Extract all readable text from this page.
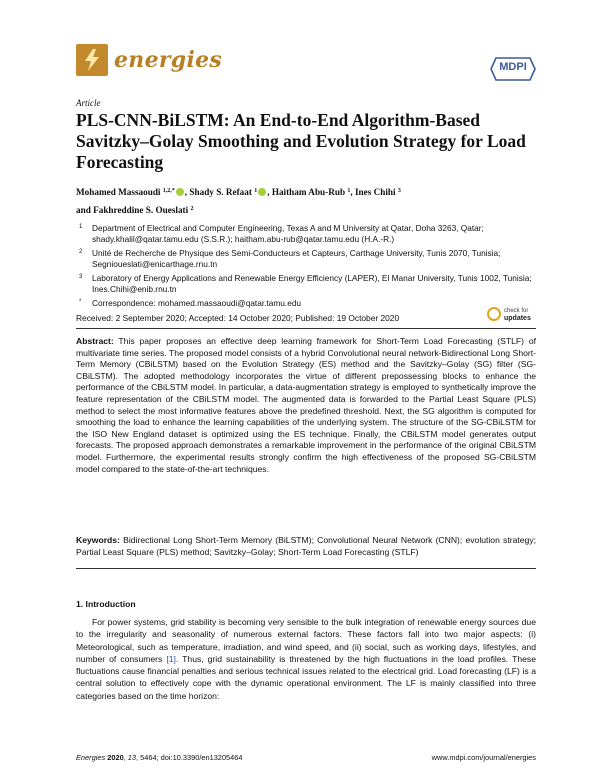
energies	MDPI
Article
PLS-CNN-BiLSTM: An End-to-End Algorithm-Based Savitzky–Golay Smoothing and Evolution Strategy for Load Forecasting
Mohamed Massaoudi $^{1,2,*}$ , Shady S. Refaat $^1$ , Haitham Abu-Rub $^1$, Ines Chihi $^3$
and Fakhreddine S. Oueslati $^2$
1 Department of Electrical and Computer Engineering, Texas A and M University at Qatar, Doha 3263, Qatar; shady.khalil@qatar.tamu.edu (S.S.R.); haitham.abu-rub@qatar.tamu.edu (H.A.-R.)
2 Unité de Recherche de Physique des Semi-Conducteurs et Capteurs, Carthage University, Tunis 2070, Tunisia; Segnioueslati@enicarthage.rnu.tn
3 Laboratory of Energy Applications and Renewable Energy Efficiency (LAPER), El Manar University, Tunis 1002, Tunisia; Ines.Chihi@enib.rnu.tn
* Correspondence: mohamed.massaoudi@qatar.tamu.edu
check for
updates
Received: 2 September 2020; Accepted: 14 October 2020; Published: 19 October 2020
Abstract: This paper proposes an effective deep learning framework for Short-Term Load Forecasting (STLF) of multivariate time series. The proposed model consists of a hybrid Convolutional neural network-Bidirectional Long Short-Term Memory (CBiLSTM) based on the Evolution Strategy (ES) method and the Savitzky–Golay (SG) filter (SG-CBiLSTM). The adopted methodology incorporates the virtue of different prepossessing blocks to enhance the performance of the CBiLSTM model. In particular, a data-augmentation strategy is employed to synthetically improve the feature representation of the CBiLSTM model. The augmented data is forwarded to the Partial Least Square (PLS) method to select the most informative features above the predefined threshold. Next, the SG algorithm is computed for smoothing the load to enhance the learning capabilities of the underlying system. The structure of the SG-CBiLSTM for the ISO New England dataset is optimized using the ES technique. Finally, the CBiLSTM model generates output forecasts. The proposed approach demonstrates a remarkable improvement in the performance of the original CBiLSTM model. Furthermore, the experimental results strongly confirm the high effectiveness of the proposed SG-CBiLSTM model compared to the state-of-the-art techniques.
Keywords: Bidirectional Long Short-Term Memory (BiLSTM); Convolutional Neural Network (CNN); evolution strategy; Partial Least Square (PLS) method; Savitzky–Golay; Short-Term Load Forecasting (STLF)
1. Introduction
For power systems, grid stability is becoming very sensible to the bulk integration of renewable energy sources due to the irregularity and seasonality of numerous external factors. These factors fall into two major aspects: (i) Meteorological, such as temperature, irradiation, and wind speed, and (ii) social, such as working days, lifestyles, and number of consumers [1]. Thus, grid sustainability is threatened by the high fluctuations in the load profiles. These fluctuations cause financial penalties and serious technical issues related to the electrical grid. Load forecasting (LF) is a central solution to effectively cope with the dynamic operational environment. The LF is mainly classified into three categories based on the time horizon:
Energies 2020, 13, 5464; doi:10.3390/en13205464	www.mdpi.com/journal/energies
